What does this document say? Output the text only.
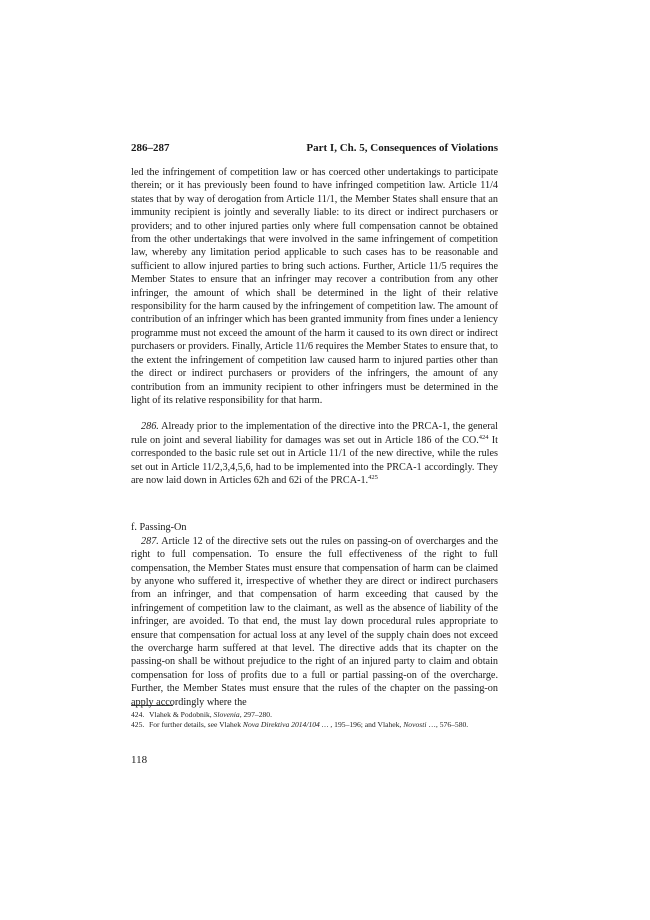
286–287	Part I, Ch. 5, Consequences of Violations

led the infringement of competition law or has coerced other undertakings to participate therein; or it has previously been found to have infringed competition law. Article 11/4 states that by way of derogation from Article 11/1, the Member States shall ensure that an immunity recipient is jointly and severally liable: to its direct or indirect purchasers or providers; and to other injured parties only where full compensation cannot be obtained from the other undertakings that were involved in the same infringement of competition law, whereby any limitation period applicable to such cases has to be reasonable and sufficient to allow injured parties to bring such actions. Further, Article 11/5 requires the Member States to ensure that an infringer may recover a contribution from any other infringer, the amount of which shall be determined in the light of their relative responsibility for the harm caused by the infringement of competition law. The amount of contribution of an infringer which has been granted immunity from fines under a leniency programme must not exceed the amount of the harm it caused to its own direct or indirect purchasers or providers. Finally, Article 11/6 requires the Member States to ensure that, to the extent the infringement of competition law caused harm to injured parties other than the direct or indirect purchasers or providers of the infringers, the amount of any contribution from an immunity recipient to other infringers must be determined in the light of its relative responsibility for that harm.

286. Already prior to the implementation of the directive into the PRCA-1, the general rule on joint and several liability for damages was set out in Article 186 of the CO.$^{424}$ It corresponded to the basic rule set out in Article 11/1 of the new directive, while the rules set out in Article 11/2,3,4,5,6, had to be implemented into the PRCA-1 accordingly. They are now laid down in Articles 62h and 62i of the PRCA-1.$^{425}$

f. Passing-On

287. Article 12 of the directive sets out the rules on passing-on of overcharges and the right to full compensation. To ensure the full effectiveness of the right to full compensation, the Member States must ensure that compensation of harm can be claimed by anyone who suffered it, irrespective of whether they are direct or indirect purchasers from an infringer, and that compensation of harm exceeding that caused by the infringement of competition law to the claimant, as well as the absence of liability of the infringer, are avoided. To that end, the must lay down procedural rules appropriate to ensure that compensation for actual loss at any level of the supply chain does not exceed the overcharge harm suffered at that level. The directive adds that its chapter on the passing-on shall be without prejudice to the right of an injured party to claim and obtain compensation for loss of profits due to a full or partial passing-on of the overcharge. Further, the Member States must ensure that the rules of the chapter on the passing-on apply accordingly where the

424. Vlahek & Podobnik, Slovenia, 297–280.
425. For further details, see Vlahek Nova Direktiva 2014/104 … , 195–196; and Vlahek, Novosti …, 576–580.
118
